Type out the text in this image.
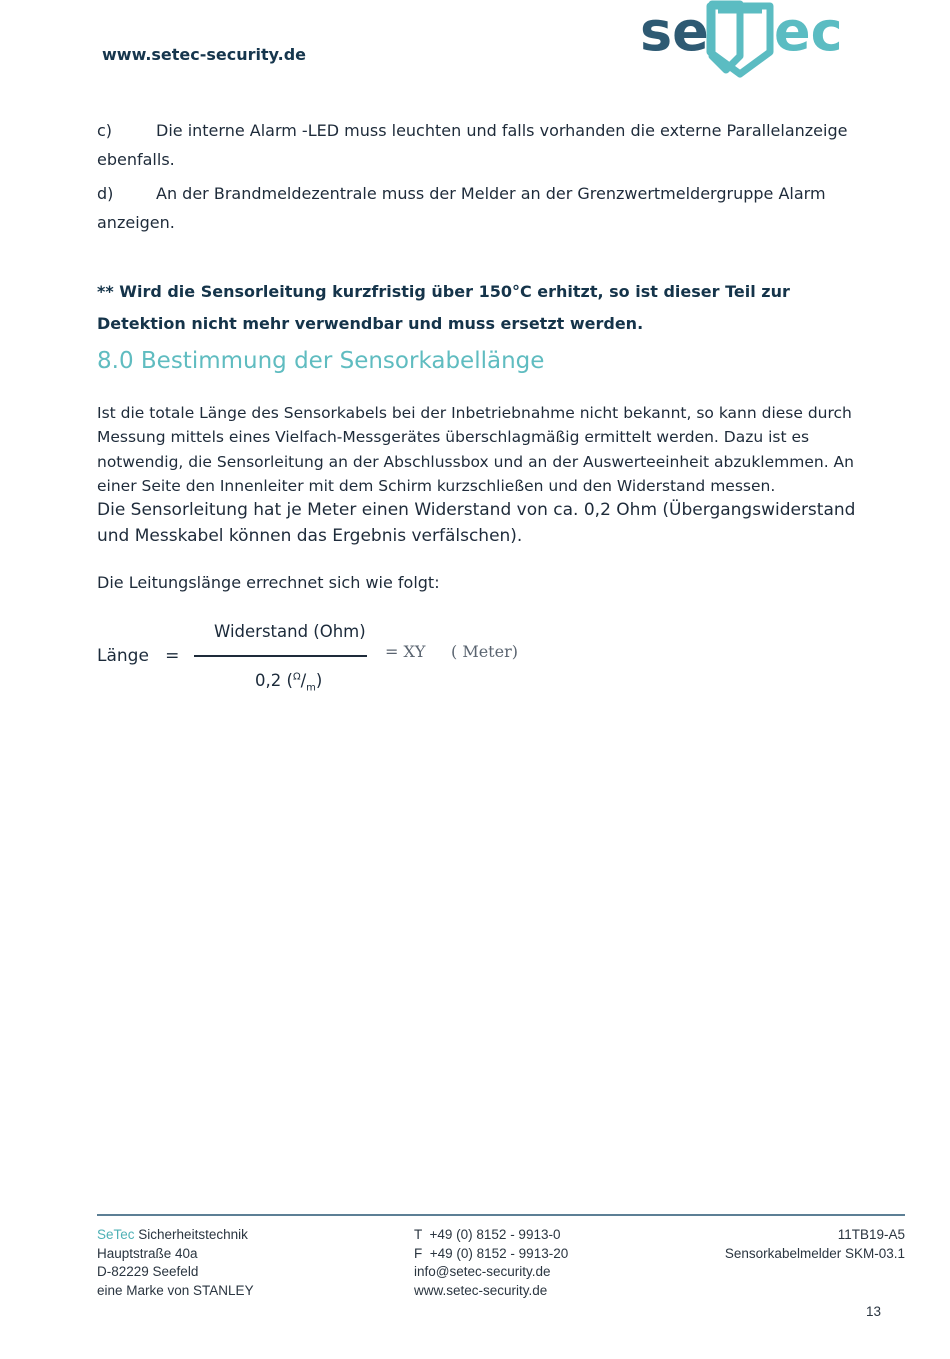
www.setec-security.de	se ec
c)	Die interne Alarm -LED muss leuchten und falls vorhanden die externe Parallelanzeige
ebenfalls.
d)	An der Brandmeldezentrale muss der Melder an der Grenzwertmeldergruppe Alarm
anzeigen.
** Wird die Sensorleitung kurzfristig über 150°C erhitzt, so ist dieser Teil zur Detektion nicht mehr verwendbar und muss ersetzt werden.
8.0 Bestimmung der Sensorkabellänge
Ist die totale Länge des Sensorkabels bei der Inbetriebnahme nicht bekannt, so kann diese durch Messung mittels eines Vielfach-Messgerätes überschlagmäßig ermittelt werden. Dazu ist es notwendig, die Sensorleitung an der Abschlussbox und an der Auswerteeinheit abzuklemmen. An einer Seite den Innenleiter mit dem Schirm kurzschließen und den Widerstand messen.
Die Sensorleitung hat je Meter einen Widerstand von ca. 0,2 Ohm (Übergangswiderstand und Messkabel können das Ergebnis verfälschen).
Die Leitungslänge errechnet sich wie folgt:
Länge   =
Widerstand (Ohm)
0,2 $(^\Omega/_m)$
= XY ( Meter)
SeTec Sicherheitstechnik
Hauptstraße 40a
D-82229 Seefeld
eine Marke von STANLEY
T  +49 (0) 8152 - 9913-0
F  +49 (0) 8152 - 9913-20
info@setec-security.de
www.setec-security.de
11TB19-A5
Sensorkabelmelder SKM-03.1
13
